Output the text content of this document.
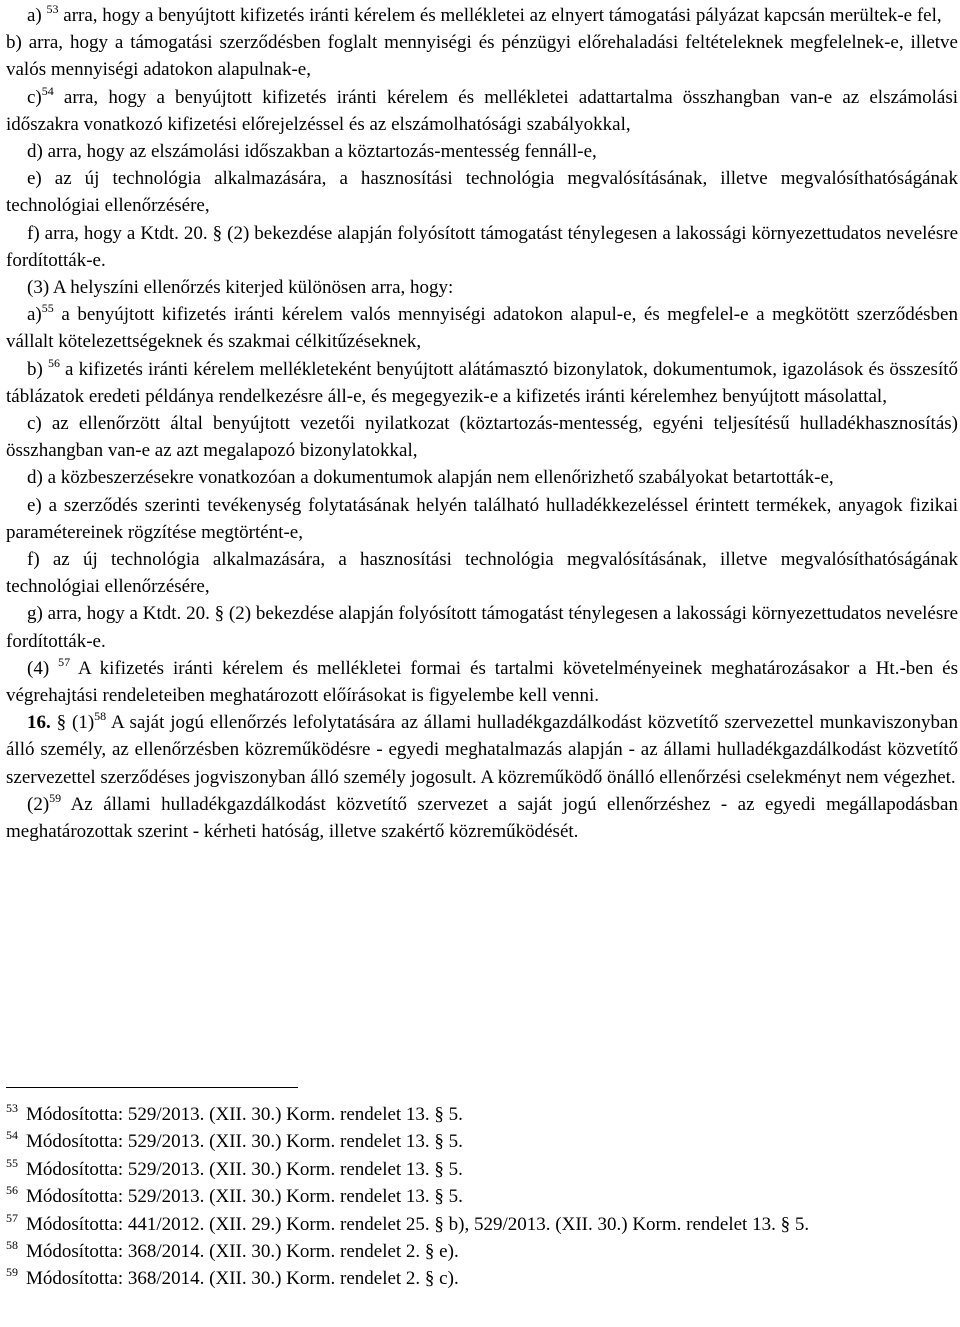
a) $^{53}$ arra, hogy a benyújtott kifizetés iránti kérelem és mellékletei az elnyert támogatási pályázat kapcsán merültek-e fel,

b) arra, hogy a támogatási szerződésben foglalt mennyiségi és pénzügyi előrehaladási feltételeknek megfelelnek-e, illetve valós mennyiségi adatokon alapulnak-e,

c)$^{54}$ arra, hogy a benyújtott kifizetés iránti kérelem és mellékletei adattartalma összhangban van-e az elszámolási időszakra vonatkozó kifizetési előrejelzéssel és az elszámolhatósági szabályokkal,

d) arra, hogy az elszámolási időszakban a köztartozás-mentesség fennáll-e,

e) az új technológia alkalmazására, a hasznosítási technológia megvalósításának, illetve megvalósíthatóságának technológiai ellenőrzésére,

f) arra, hogy a Ktdt. 20. § (2) bekezdése alapján folyósított támogatást ténylegesen a lakossági környezettudatos nevelésre fordították-e.

(3) A helyszíni ellenőrzés kiterjed különösen arra, hogy:

a)$^{55}$ a benyújtott kifizetés iránti kérelem valós mennyiségi adatokon alapul-e, és megfelel-e a megkötött szerződésben vállalt kötelezettségeknek és szakmai célkitűzéseknek,

b) $^{56}$ a kifizetés iránti kérelem mellékleteként benyújtott alátámasztó bizonylatok, dokumentumok, igazolások és összesítő táblázatok eredeti példánya rendelkezésre áll-e, és megegyezik-e a kifizetés iránti kérelemhez benyújtott másolattal,

c) az ellenőrzött által benyújtott vezetői nyilatkozat (köztartozás-mentesség, egyéni teljesítésű hulladékhasznosítás) összhangban van-e az azt megalapozó bizonylatokkal,

d) a közbeszerzésekre vonatkozóan a dokumentumok alapján nem ellenőrizhető szabályokat betartották-e,

e) a szerződés szerinti tevékenység folytatásának helyén található hulladékkezeléssel érintett termékek, anyagok fizikai paramétereinek rögzítése megtörtént-e,

f) az új technológia alkalmazására, a hasznosítási technológia megvalósításának, illetve megvalósíthatóságának technológiai ellenőrzésére,

g) arra, hogy a Ktdt. 20. § (2) bekezdése alapján folyósított támogatást ténylegesen a lakossági környezettudatos nevelésre fordították-e.

(4) $^{57}$ A kifizetés iránti kérelem és mellékletei formai és tartalmi követelményeinek meghatározásakor a Ht.-ben és végrehajtási rendeleteiben meghatározott előírásokat is figyelembe kell venni.

16. § $(1)^{58}$ A saját jogú ellenőrzés lefolytatására az állami hulladékgazdálkodást közvetítő szervezettel munkaviszonyban álló személy, az ellenőrzésben közreműködésre - egyedi meghatalmazás alapján - az állami hulladékgazdálkodást közvetítő szervezettel szerződéses jogviszonyban álló személy jogosult. A közreműködő önálló ellenőrzési cselekményt nem végezhet.

$(2)^{59}$ Az állami hulladékgazdálkodást közvetítő szervezet a saját jogú ellenőrzéshez - az egyedi megállapodásban meghatározottak szerint - kérheti hatóság, illetve szakértő közreműködését.

$^{53}$ Módosította: 529/2013. (XII. 30.) Korm. rendelet 13. § 5.
$^{54}$ Módosította: 529/2013. (XII. 30.) Korm. rendelet 13. § 5.
$^{55}$ Módosította: 529/2013. (XII. 30.) Korm. rendelet 13. § 5.
$^{56}$ Módosította: 529/2013. (XII. 30.) Korm. rendelet 13. § 5.
$^{57}$ Módosította: 441/2012. (XII. 29.) Korm. rendelet 25. § b), 529/2013. (XII. 30.) Korm. rendelet 13. § 5.
$^{58}$ Módosította: 368/2014. (XII. 30.) Korm. rendelet 2. § e).
$^{59}$ Módosította: 368/2014. (XII. 30.) Korm. rendelet 2. § c).
